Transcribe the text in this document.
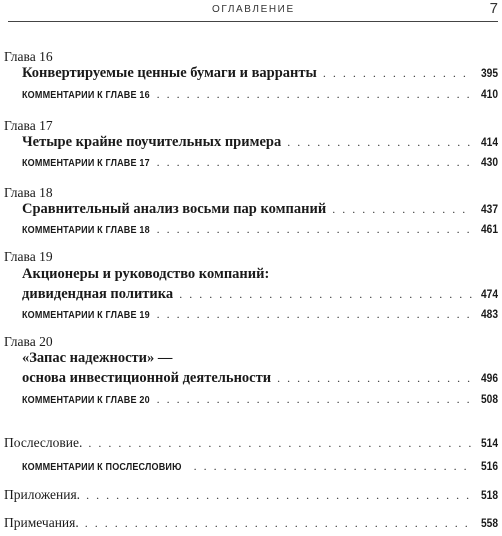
ОГЛАВЛЕНИЕ	7
Глава 16
Конвертируемые ценные бумаги и варранты . . .	395
КОММЕНТАРИИ К ГЛАВЕ 16 . . .	410
Глава 17
Четыре крайне поучительных примера . . .	414
КОММЕНТАРИИ К ГЛАВЕ 17 . . .	430
Глава 18
Сравнительный анализ восьми пар компаний . . .	437
КОММЕНТАРИИ К ГЛАВЕ 18 . . .	461
Глава 19
Акционеры и руководство компаний:
дивидендная политика . . .	474
КОММЕНТАРИИ К ГЛАВЕ 19 . . .	483
Глава 20
«Запас надежности» —
основа инвестиционной деятельности . . .	496
КОММЕНТАРИИ К ГЛАВЕ 20 . . .	508
Послесловие. . . .	514
КОММЕНТАРИИ К ПОСЛЕСЛОВИЮ . . .	516
Приложения. . . .	518
Примечания. . . .	558
